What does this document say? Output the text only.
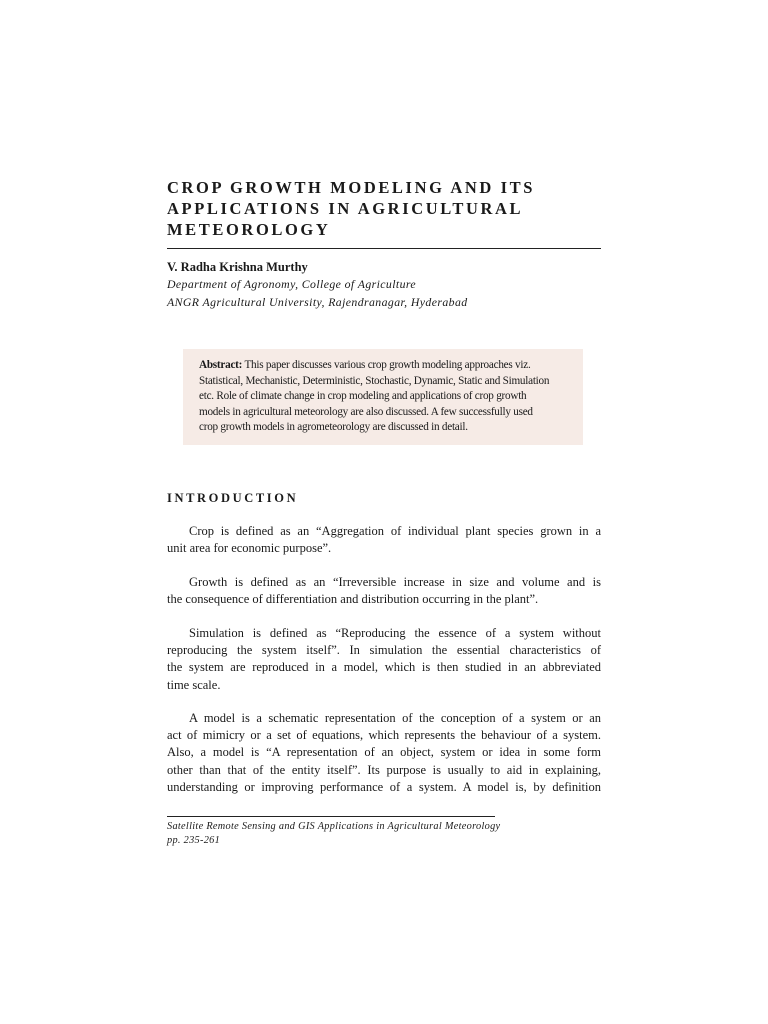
CROP GROWTH MODELING AND ITS
APPLICATIONS IN AGRICULTURAL
METEOROLOGY
V. Radha Krishna Murthy
Department of Agronomy, College of Agriculture
ANGR Agricultural University, Rajendranagar, Hyderabad
Abstract: This paper discusses various crop growth modeling approaches viz.
Statistical, Mechanistic, Deterministic, Stochastic, Dynamic, Static and Simulation
etc. Role of climate change in crop modeling and applications of crop growth
models in agricultural meteorology are also discussed. A few successfully used
crop growth models in agrometeorology are discussed in detail.
INTRODUCTION

Crop is defined as an “Aggregation of individual plant species grown in a
unit area for economic purpose”.

Growth is defined as an “Irreversible increase in size and volume and is
the consequence of differentiation and distribution occurring in the plant”.

Simulation is defined as “Reproducing the essence of a system without
reproducing the system itself”. In simulation the essential characteristics of
the system are reproduced in a model, which is then studied in an abbreviated
time scale.

A model is a schematic representation of the conception of a system or an
act of mimicry or a set of equations, which represents the behaviour of a system.
Also, a model is “A representation of an object, system or idea in some form
other than that of the entity itself”. Its purpose is usually to aid in explaining,
understanding or improving performance of a system. A model is, by definition

Satellite Remote Sensing and GIS Applications in Agricultural Meteorology
pp. 235-261
